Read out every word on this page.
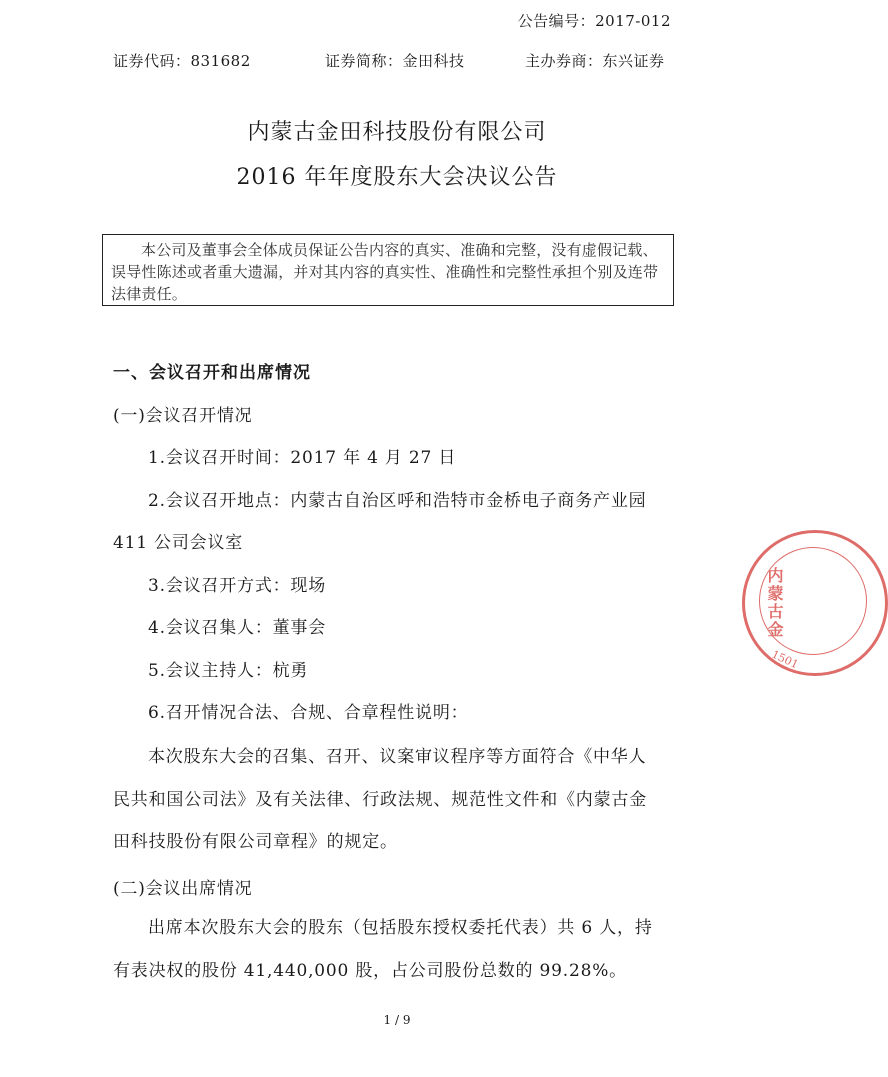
公告编号：2017-012
证券代码：831682	证券简称：金田科技	主办券商：东兴证券
内蒙古金田科技股份有限公司
2016 年年度股东大会决议公告
本公司及董事会全体成员保证公告内容的真实、准确和完整，没有虚假记载、误导性陈述或者重大遗漏，并对其内容的真实性、准确性和完整性承担个别及连带法律责任。
一、会议召开和出席情况
(一)会议召开情况
1.会议召开时间：2017 年 4 月 27 日
2.会议召开地点：内蒙古自治区呼和浩特市金桥电子商务产业园
411 公司会议室
3.会议召开方式：现场
4.会议召集人：董事会
5.会议主持人：杭勇
6.召开情况合法、合规、合章程性说明：
本次股东大会的召集、召开、议案审议程序等方面符合《中华人
民共和国公司法》及有关法律、行政法规、规范性文件和《内蒙古金
田科技股份有限公司章程》的规定。
(二)会议出席情况
出席本次股东大会的股东（包括股东授权委托代表）共 6 人，持
有表决权的股份 41,440,000 股，占公司股份总数的 99.28%。
内蒙古金
1501
1 / 9
